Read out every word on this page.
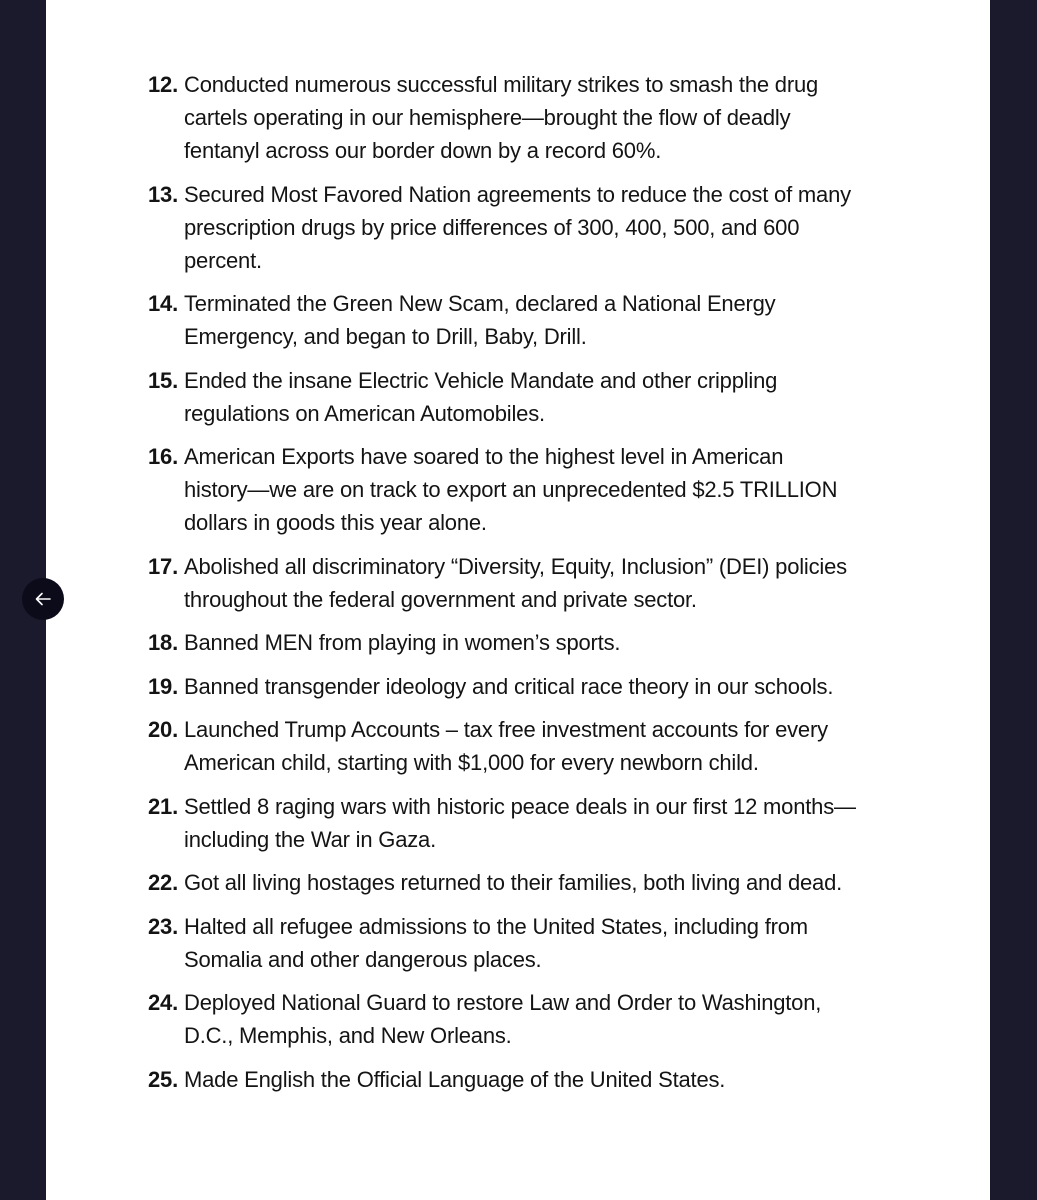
12. Conducted numerous successful military strikes to smash the drug
cartels operating in our hemisphere—brought the flow of deadly
fentanyl across our border down by a record 60%.
13. Secured Most Favored Nation agreements to reduce the cost of many
prescription drugs by price differences of 300, 400, 500, and 600
percent.
14. Terminated the Green New Scam, declared a National Energy
Emergency, and began to Drill, Baby, Drill.
15. Ended the insane Electric Vehicle Mandate and other crippling
regulations on American Automobiles.
16. American Exports have soared to the highest level in American
history—we are on track to export an unprecedented $2.5 TRILLION
dollars in goods this year alone.
17. Abolished all discriminatory “Diversity, Equity, Inclusion” (DEI) policies
throughout the federal government and private sector.
18. Banned MEN from playing in women’s sports.
19. Banned transgender ideology and critical race theory in our schools.
20. Launched Trump Accounts – tax free investment accounts for every
American child, starting with $1,000 for every newborn child.
21. Settled 8 raging wars with historic peace deals in our first 12 months—
including the War in Gaza.
22. Got all living hostages returned to their families, both living and dead.
23. Halted all refugee admissions to the United States, including from
Somalia and other dangerous places.
24. Deployed National Guard to restore Law and Order to Washington,
D.C., Memphis, and New Orleans.
25. Made English the Official Language of the United States.
